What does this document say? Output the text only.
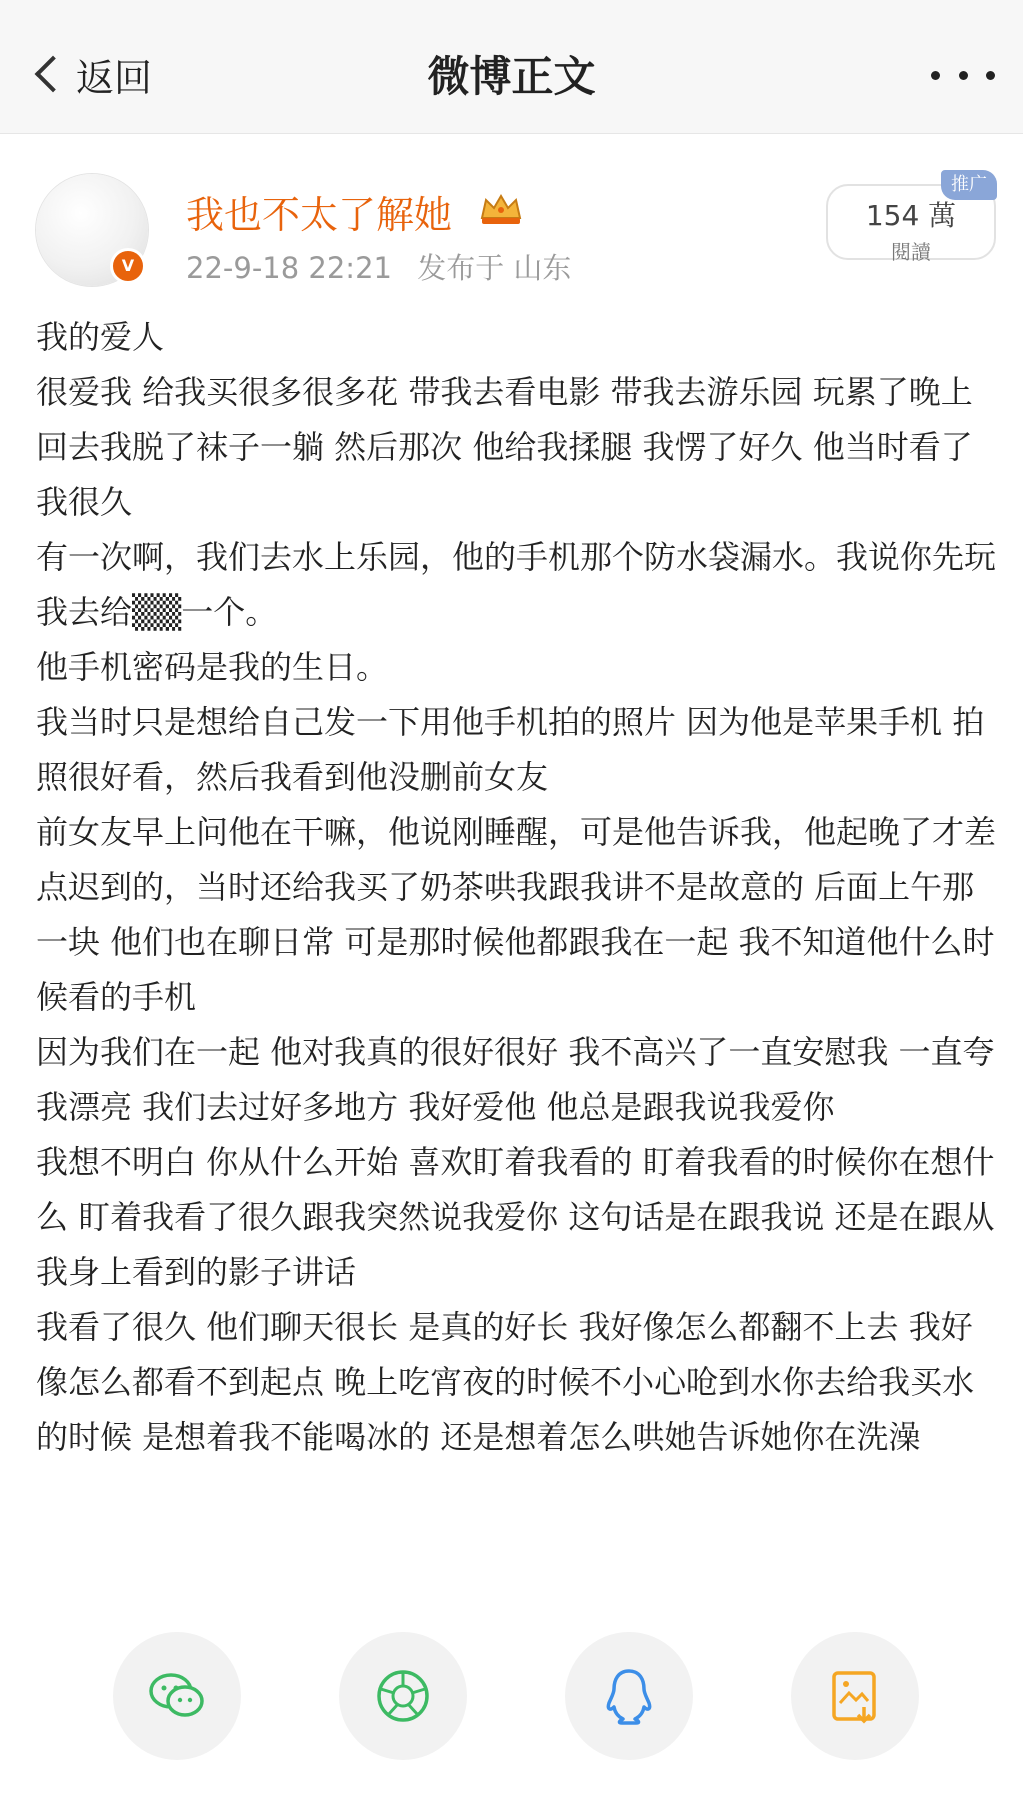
返回	微博正文
V
我也不太了解她
22-9-18 22:21 发布于 山东
154 萬
閱讀
推广

我的爱人

很爱我 给我买很多很多花 带我去看电影 带我去游乐园 玩累了晚上回去我脱了袜子一躺 然后那次 他给我揉腿 我愣了好久 他当时看了我很久

有一次啊，我们去水上乐园，他的手机那个防水袋漏水。我说你先玩 我去给▒▒一个。

他手机密码是我的生日。

我当时只是想给自己发一下用他手机拍的照片 因为他是苹果手机 拍照很好看，然后我看到他没删前女友

前女友早上问他在干嘛，他说刚睡醒，可是他告诉我，他起晚了才差点迟到的，当时还给我买了奶茶哄我跟我讲不是故意的 后面上午那一块 他们也在聊日常 可是那时候他都跟我在一起 我不知道他什么时候看的手机

因为我们在一起 他对我真的很好很好 我不高兴了一直安慰我 一直夸我漂亮 我们去过好多地方 我好爱他 他总是跟我说我爱你

我想不明白 你从什么开始 喜欢盯着我看的 盯着我看的时候你在想什么 盯着我看了很久跟我突然说我爱你 这句话是在跟我说 还是在跟从我身上看到的影子讲话

我看了很久 他们聊天很长 是真的好长 我好像怎么都翻不上去 我好像怎么都看不到起点 晚上吃宵夜的时候不小心呛到水你去给我买水的时候 是想着我不能喝冰的 还是想着怎么哄她告诉她你在洗澡
